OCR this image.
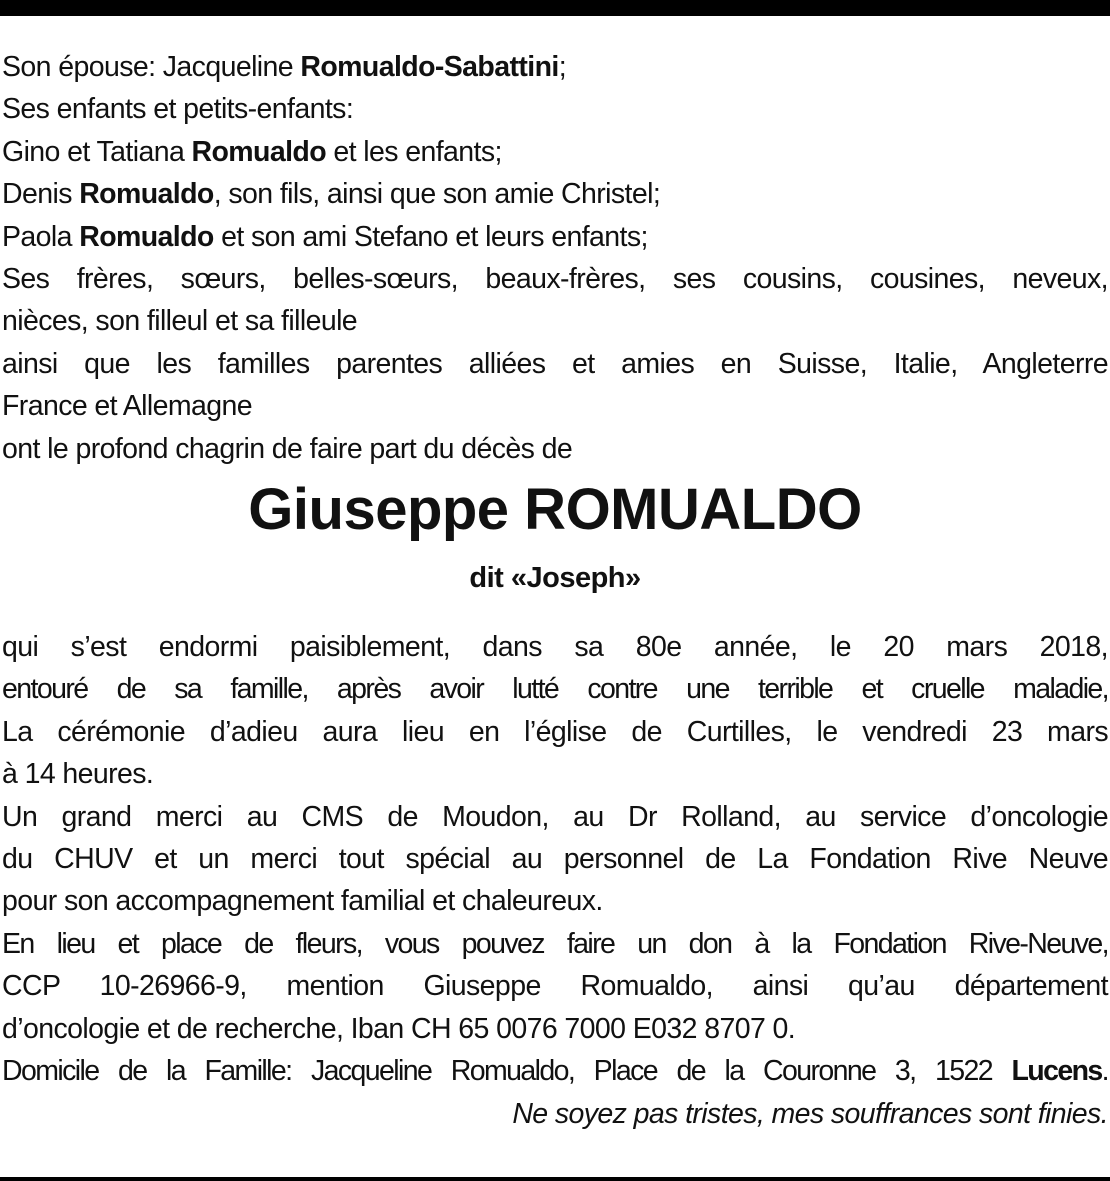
Son épouse: Jacqueline Romualdo-Sabattini;
Ses enfants et petits-enfants:
Gino et Tatiana Romualdo et les enfants;
Denis Romualdo, son fils, ainsi que son amie Christel;
Paola Romualdo et son ami Stefano et leurs enfants;
Ses frères, sœurs, belles-sœurs, beaux-frères, ses cousins, cousines, neveux,
nièces, son filleul et sa filleule
ainsi que les familles parentes alliées et amies en Suisse, Italie, Angleterre
France et Allemagne
ont le profond chagrin de faire part du décès de
Giuseppe ROMUALDO
dit «Joseph»
qui s’est endormi paisiblement, dans sa 80e année, le 20 mars 2018,
entouré de sa famille, après avoir lutté contre une terrible et cruelle maladie,
La cérémonie d’adieu aura lieu en l’église de Curtilles, le vendredi 23 mars
à 14 heures.
Un grand merci au CMS de Moudon, au Dr Rolland, au service d’oncologie
du CHUV et un merci tout spécial au personnel de La Fondation Rive Neuve
pour son accompagnement familial et chaleureux.
En lieu et place de fleurs, vous pouvez faire un don à la Fondation Rive-Neuve,
CCP 10-26966-9, mention Giuseppe Romualdo, ainsi qu’au département
d’oncologie et de recherche, Iban CH 65 0076 7000 E032 8707 0.
Domicile de la Famille: Jacqueline Romualdo, Place de la Couronne 3, 1522 Lucens.
Ne soyez pas tristes, mes souffrances sont finies.
